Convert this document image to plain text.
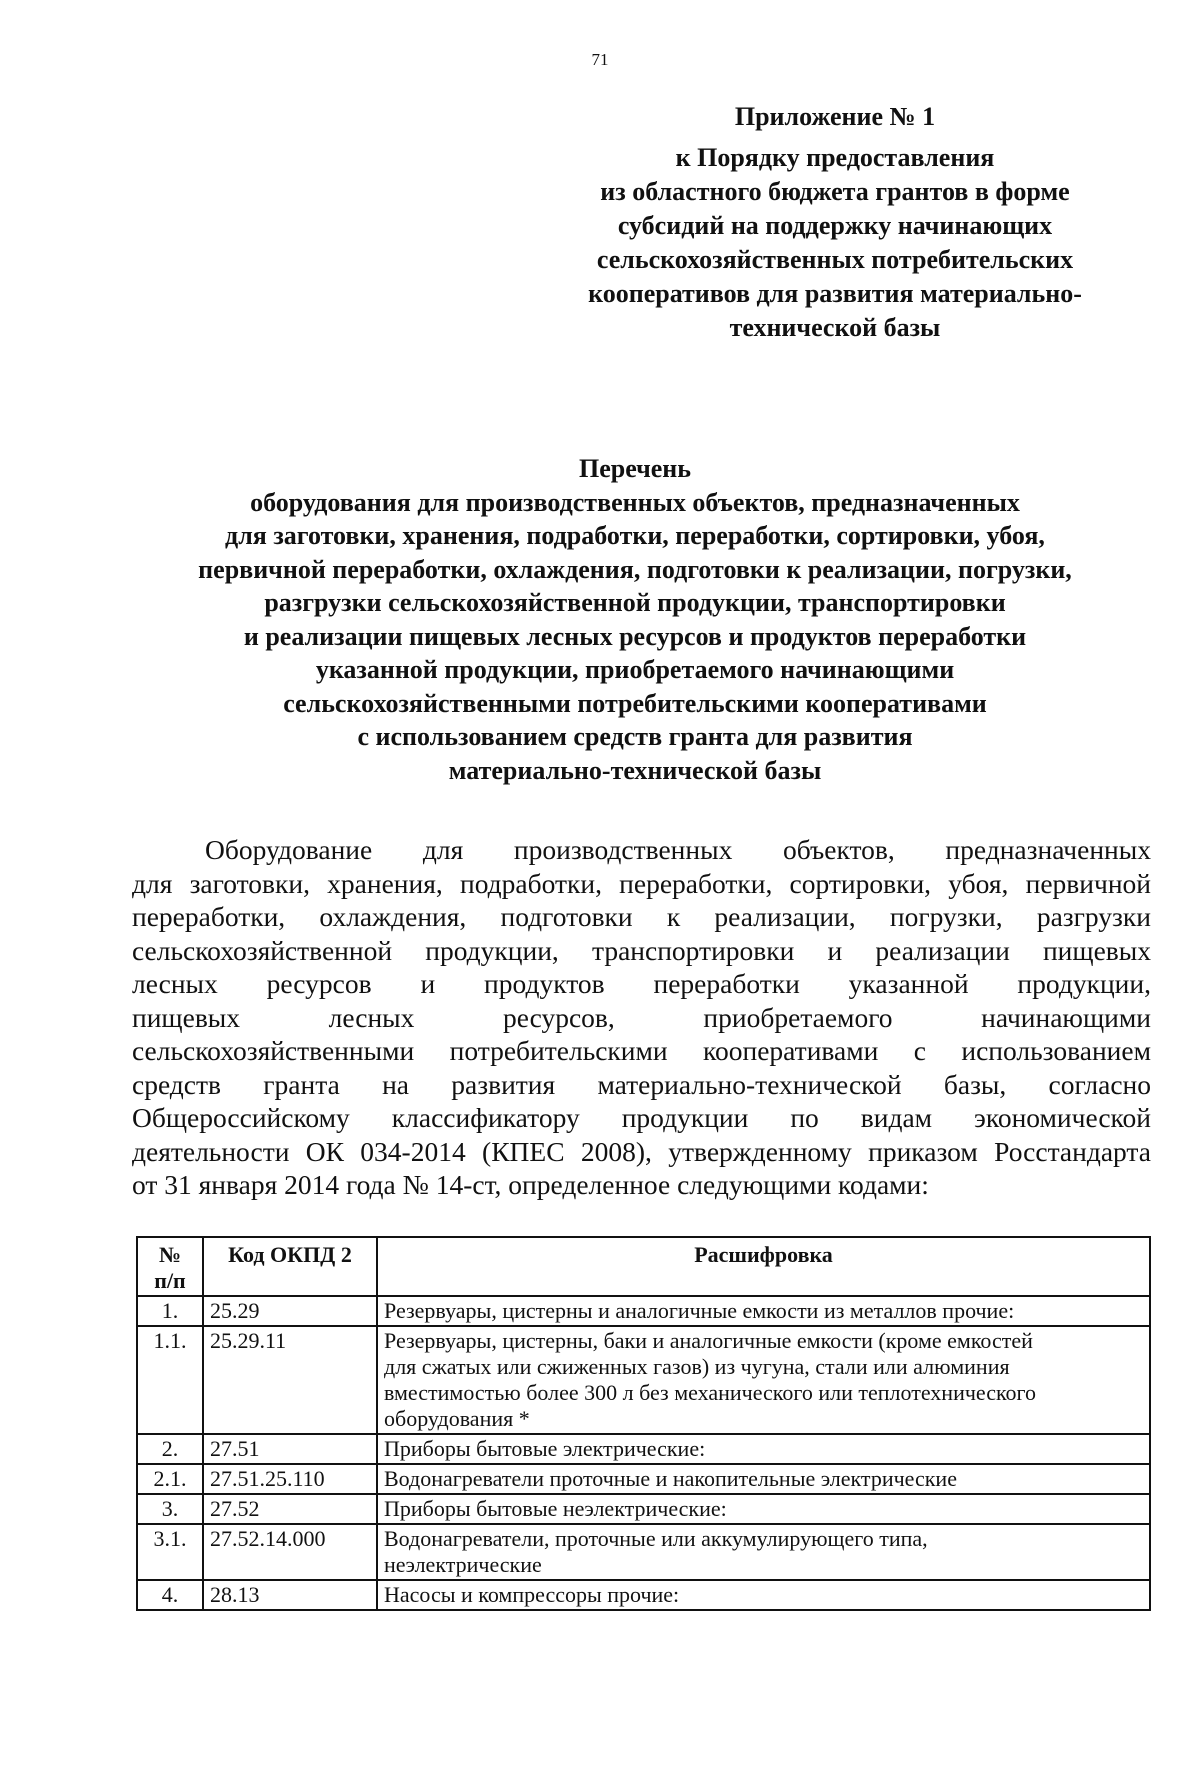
71
Приложение № 1
к Порядку предоставления
из областного бюджета грантов в форме
субсидий на поддержку начинающих
сельскохозяйственных потребительских
кооперативов для развития материально-
технической базы
Перечень
оборудования для производственных объектов, предназначенных
для заготовки, хранения, подработки, переработки, сортировки, убоя,
первичной переработки, охлаждения, подготовки к реализации, погрузки,
разгрузки сельскохозяйственной продукции, транспортировки
и реализации пищевых лесных ресурсов и продуктов переработки
указанной продукции, приобретаемого начинающими
сельскохозяйственными потребительскими кооперативами
с использованием средств гранта для развития
материально-технической базы
Оборудование для производственных объектов, предназначенных
для заготовки, хранения, подработки, переработки, сортировки, убоя, первичной
переработки, охлаждения, подготовки к реализации, погрузки, разгрузки
сельскохозяйственной продукции, транспортировки и реализации пищевых
лесных ресурсов и продуктов переработки указанной продукции,
пищевых лесных ресурсов, приобретаемого начинающими
сельскохозяйственными потребительскими кооперативами с использованием
средств гранта на развития материально-технической базы, согласно
Общероссийскому классификатору продукции по видам экономической
деятельности ОК 034-2014 (КПЕС 2008), утвержденному приказом Росстандарта
от 31 января 2014 года № 14-ст, определенное следующими кодами:
№
п/п	Код ОКПД 2	Расшифровка
1.	25.29	Резервуары, цистерны и аналогичные емкости из металлов прочие:
1.1.	25.29.11	Резервуары, цистерны, баки и аналогичные емкости (кроме емкостей
для сжатых или сжиженных газов) из чугуна, стали или алюминия
вместимостью более 300 л без механического или теплотехнического
оборудования *
2.	27.51	Приборы бытовые электрические:
2.1.	27.51.25.110	Водонагреватели проточные и накопительные электрические
3.	27.52	Приборы бытовые неэлектрические:
3.1.	27.52.14.000	Водонагреватели, проточные или аккумулирующего типа,
неэлектрические
4.	28.13	Насосы и компрессоры прочие:
